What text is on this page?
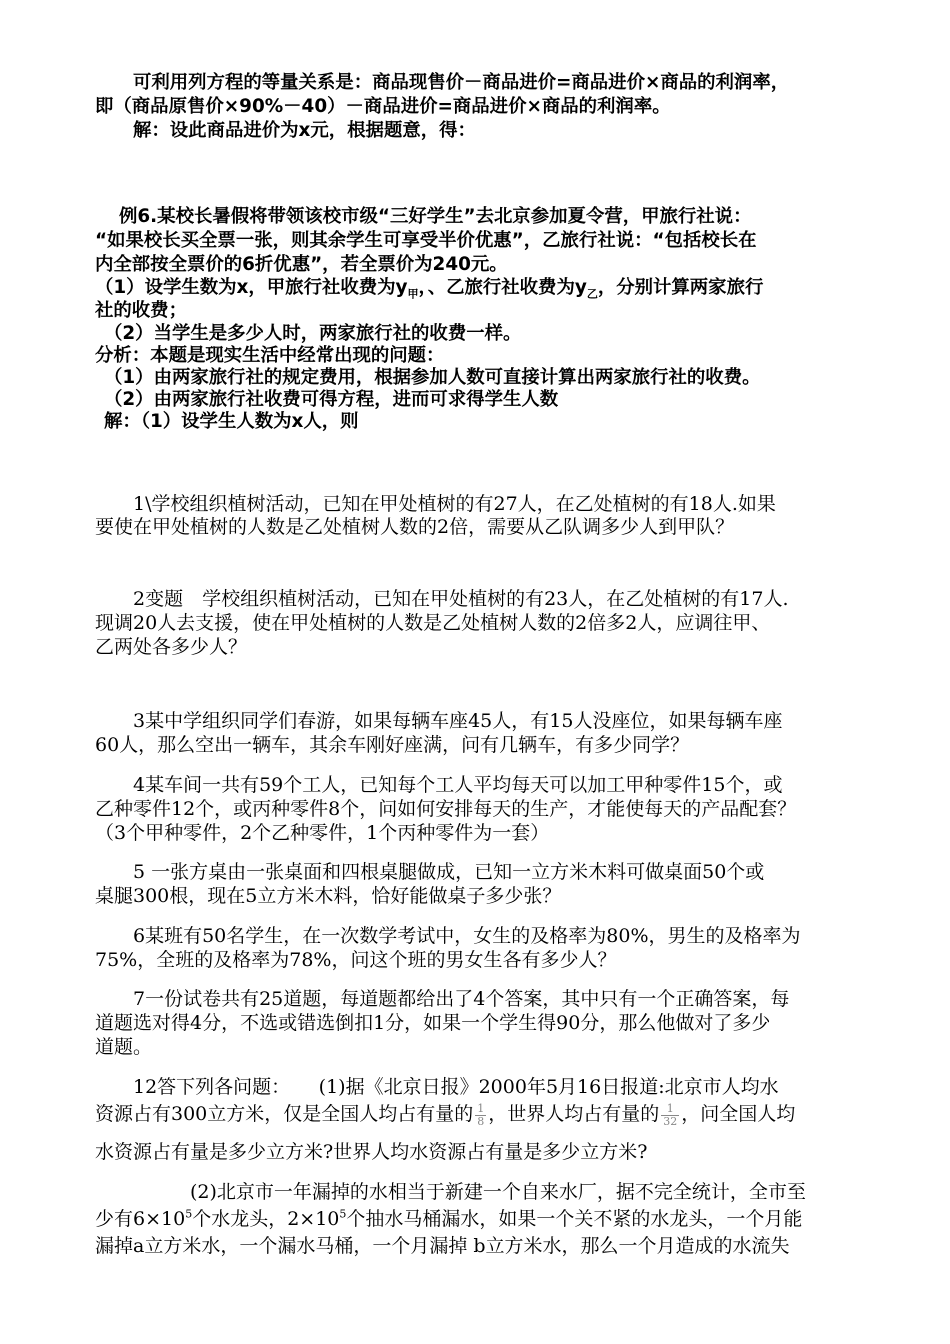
可利用列方程的等量关系是：商品现售价－商品进价=商品进价×商品的利润率，
即（商品原售价×90%－40）－商品进价=商品进价×商品的利润率。
解：设此商品进价为x元，根据题意，得：
例6.某校长暑假将带领该校市级“三好学生”去北京参加夏令营，甲旅行社说：
“如果校长买全票一张，则其余学生可享受半价优惠”，乙旅行社说：“包括校长在
内全部按全票价的6折优惠”，若全票价为240元。
（1）设学生数为x，甲旅行社收费为$y_甲$，、乙旅行社收费为$y_乙$，分别计算两家旅行
社的收费；
（2）当学生是多少人时，两家旅行社的收费一样。
分析：本题是现实生活中经常出现的问题：
（1）由两家旅行社的规定费用，根据参加人数可直接计算出两家旅行社的收费。
（2）由两家旅行社收费可得方程，进而可求得学生人数
解：（1）设学生人数为x人，则
1\学校组织植树活动，已知在甲处植树的有27人，在乙处植树的有18人.如果
要使在甲处植树的人数是乙处植树人数的2倍，需要从乙队调多少人到甲队？
2变题　学校组织植树活动，已知在甲处植树的有23人，在乙处植树的有17人.
现调20人去支援，使在甲处植树的人数是乙处植树人数的2倍多2人，应调往甲、
乙两处各多少人？
3某中学组织同学们春游，如果每辆车座45人，有15人没座位，如果每辆车座
60人，那么空出一辆车，其余车刚好座满，问有几辆车，有多少同学？
4某车间一共有59个工人，已知每个工人平均每天可以加工甲种零件15个，或
乙种零件12个，或丙种零件8个，问如何安排每天的生产，才能使每天的产品配套？
（3个甲种零件，2个乙种零件，1个丙种零件为一套）
5 一张方桌由一张桌面和四根桌腿做成，已知一立方米木料可做桌面50个或
桌腿300根，现在5立方米木料，恰好能做桌子多少张？
6某班有50名学生，在一次数学考试中，女生的及格率为80%，男生的及格率为
75%，全班的及格率为78%，问这个班的男女生各有多少人？
7一份试卷共有25道题，每道题都给出了4个答案，其中只有一个正确答案，每
道题选对得4分，不选或错选倒扣1分，如果一个学生得90分，那么他做对了多少
道题。
12答下列各问题：　　(1)据《北京日报》2000年5月16日报道:北京市人均水
资源占有300立方米，仅是全国人均占有量的 $\frac{1}{8}$ ，世界人均占有量的 $\frac{1}{32}$ ，问全国人均
水资源占有量是多少立方米?世界人均水资源占有量是多少立方米?
(2)北京市一年漏掉的水相当于新建一个自来水厂，据不完全统计，全市至
少有$6\times 10^5$个水龙头，$2\times 10^5$个抽水马桶漏水，如果一个关不紧的水龙头，一个月能
漏掉a立方米水，一个漏水马桶，一个月漏掉 b立方米水，那么一个月造成的水流失
